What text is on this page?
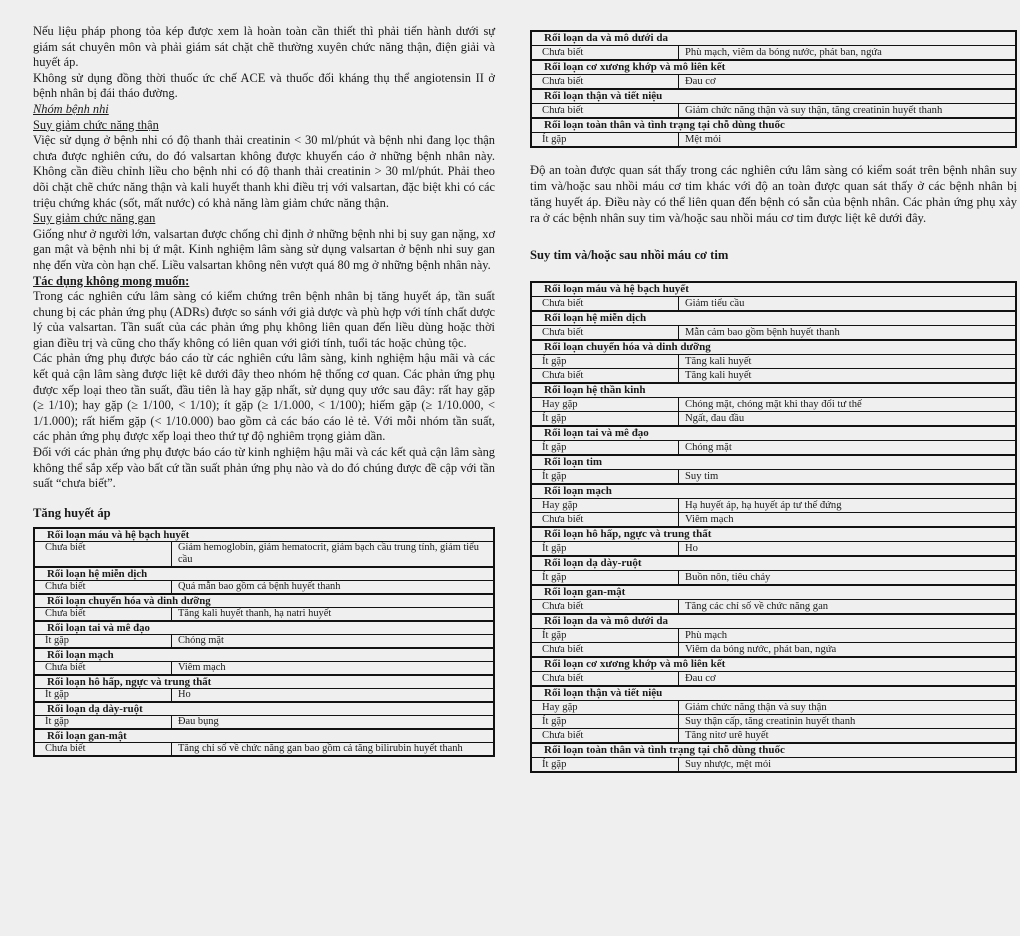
Nếu liệu pháp phong tỏa kép được xem là hoàn toàn cần thiết thì phải tiến hành dưới sự giám sát chuyên môn và phải giám sát chặt chẽ thường xuyên chức năng thận, điện giải và huyết áp.

Không sử dụng đồng thời thuốc ức chế ACE và thuốc đối kháng thụ thể angiotensin II ở bệnh nhân bị đái tháo đường.

Nhóm bệnh nhi

Suy giảm chức năng thận

Việc sử dụng ở bệnh nhi có độ thanh thải creatinin < 30 ml/phút và bệnh nhi đang lọc thận chưa được nghiên cứu, do đó valsartan không được khuyến cáo ở những bệnh nhân này. Không cần điều chỉnh liều cho bệnh nhi có độ thanh thải creatinin > 30 ml/phút. Phải theo dõi chặt chẽ chức năng thận và kali huyết thanh khi điều trị với valsartan, đặc biệt khi có các triệu chứng khác (sốt, mất nước) có khả năng làm giảm chức năng thận.

Suy giảm chức năng gan

Giống như ở người lớn, valsartan được chống chỉ định ở những bệnh nhi bị suy gan nặng, xơ gan mật và bệnh nhi bị ứ mật. Kinh nghiệm lâm sàng sử dụng valsartan ở bệnh nhi suy gan nhẹ đến vừa còn hạn chế. Liều valsartan không nên vượt quá 80 mg ở những bệnh nhân này.

Tác dụng không mong muốn:

Trong các nghiên cứu lâm sàng có kiểm chứng trên bệnh nhân bị tăng huyết áp, tần suất chung bị các phản ứng phụ (ADRs) được so sánh với giả dược và phù hợp với tính chất dược lý của valsartan. Tần suất của các phản ứng phụ không liên quan đến liều dùng hoặc thời gian điều trị và cũng cho thấy không có liên quan với giới tính, tuổi tác hoặc chủng tộc.

Các phản ứng phụ được báo cáo từ các nghiên cứu lâm sàng, kinh nghiệm hậu mãi và các kết quả cận lâm sàng được liệt kê dưới đây theo nhóm hệ thống cơ quan. Các phản ứng phụ được xếp loại theo tần suất, đầu tiên là hay gặp nhất, sử dụng quy ước sau đây: rất hay gặp (≥ 1/10); hay gặp (≥ 1/100, < 1/10); ít gặp (≥ 1/1.000, < 1/100); hiếm gặp (≥ 1/10.000, < 1/1.000); rất hiếm gặp (< 1/10.000) bao gồm cả các báo cáo lẻ tẻ. Với mỗi nhóm tần suất, các phản ứng phụ được xếp loại theo thứ tự độ nghiêm trọng giảm dần.

Đối với các phản ứng phụ được báo cáo từ kinh nghiệm hậu mãi và các kết quả cận lâm sàng không thể sắp xếp vào bất cứ tần suất phản ứng phụ nào và do đó chúng được đề cập với tần suất “chưa biết”.

Tăng huyết áp

Rối loạn máu và hệ bạch huyết	
Chưa biết	Giảm hemoglobin, giảm hematocrit, giảm bạch cầu trung tính, giảm tiểu cầu
Rối loạn hệ miễn dịch	
Chưa biết	Quá mẫn bao gồm cả bệnh huyết thanh
Rối loạn chuyển hóa và dinh dưỡng	
Chưa biết	Tăng kali huyết thanh, hạ natri huyết
Rối loạn tai và mê đạo	
Ít gặp	Chóng mặt
Rối loạn mạch	
Chưa biết	Viêm mạch
Rối loạn hô hấp, ngực và trung thất	
Ít gặp	Ho
Rối loạn dạ dày-ruột	
Ít gặp	Đau bụng
Rối loạn gan-mật	
Chưa biết	Tăng chỉ số về chức năng gan bao gồm cả tăng bilirubin huyết thanh
Rối loạn da và mô dưới da	
Chưa biết	Phù mạch, viêm da bóng nước, phát ban, ngứa
Rối loạn cơ xương khớp và mô liên kết	
Chưa biết	Đau cơ
Rối loạn thận và tiết niệu	
Chưa biết	Giảm chức năng thận và suy thận, tăng creatinin huyết thanh
Rối loạn toàn thân và tình trạng tại chỗ dùng thuốc	
Ít gặp	Mệt mỏi

Độ an toàn được quan sát thấy trong các nghiên cứu lâm sàng có kiểm soát trên bệnh nhân suy tim và/hoặc sau nhồi máu cơ tim khác với độ an toàn được quan sát thấy ở các bệnh nhân bị tăng huyết áp. Điều này có thể liên quan đến bệnh có sẵn của bệnh nhân. Các phản ứng phụ xảy ra ở các bệnh nhân suy tim và/hoặc sau nhồi máu cơ tim được liệt kê dưới đây.

Suy tim và/hoặc sau nhồi máu cơ tim

Rối loạn máu và hệ bạch huyết	
Chưa biết	Giảm tiểu cầu
Rối loạn hệ miễn dịch	
Chưa biết	Mẫn cảm bao gồm bệnh huyết thanh
Rối loạn chuyển hóa và dinh dưỡng	
Ít gặp	Tăng kali huyết
Chưa biết	Tăng kali huyết
Rối loạn hệ thần kinh	
Hay gặp	Chóng mặt, chóng mặt khi thay đổi tư thế
Ít gặp	Ngất, đau đầu
Rối loạn tai và mê đạo	
Ít gặp	Chóng mặt
Rối loạn tim	
Ít gặp	Suy tim
Rối loạn mạch	
Hay gặp	Hạ huyết áp, hạ huyết áp tư thế đứng
Chưa biết	Viêm mạch
Rối loạn hô hấp, ngực và trung thất	
Ít gặp	Ho
Rối loạn dạ dày-ruột	
Ít gặp	Buồn nôn, tiêu chảy
Rối loạn gan-mật	
Chưa biết	Tăng các chỉ số về chức năng gan
Rối loạn da và mô dưới da	
Ít gặp	Phù mạch
Chưa biết	Viêm da bóng nước, phát ban, ngứa
Rối loạn cơ xương khớp và mô liên kết	
Chưa biết	Đau cơ
Rối loạn thận và tiết niệu	
Hay gặp	Giảm chức năng thận và suy thận
Ít gặp	Suy thận cấp, tăng creatinin huyết thanh
Chưa biết	Tăng nitơ urê huyết
Rối loạn toàn thân và tình trạng tại chỗ dùng thuốc	
Ít gặp	Suy nhược, mệt mỏi
